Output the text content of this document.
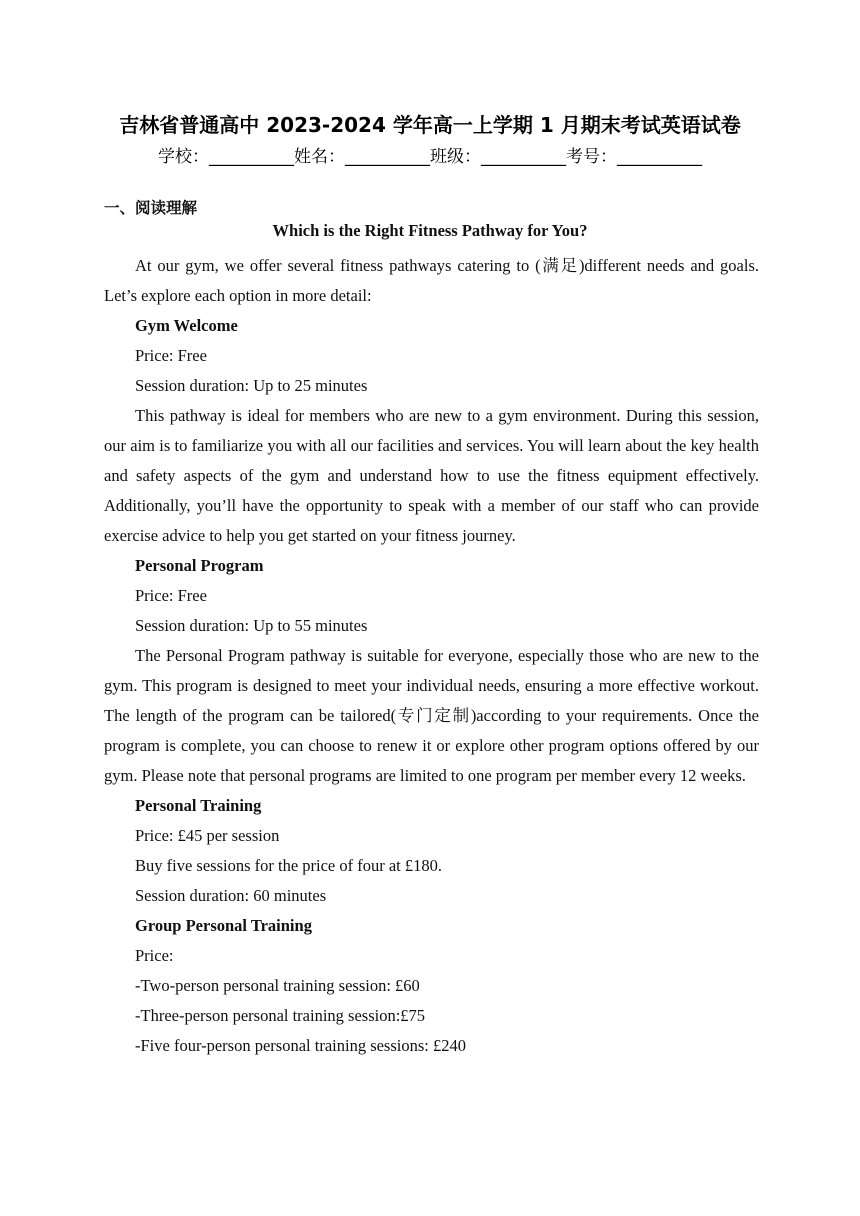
吉林省普通高中 2023-2024 学年高一上学期 1 月期末考试英语试卷
学校：__________姓名：__________班级：__________考号：__________
一、阅读理解
Which is the Right Fitness Pathway for You?

At our gym, we offer several fitness pathways catering to (满足)different needs and goals. Let’s explore each option in more detail:

Gym Welcome

Price: Free

Session duration: Up to 25 minutes

This pathway is ideal for members who are new to a gym environment. During this session, our aim is to familiarize you with all our facilities and services. You will learn about the key health and safety aspects of the gym and understand how to use the fitness equipment effectively. Additionally, you’ll have the opportunity to speak with a member of our staff who can provide exercise advice to help you get started on your fitness journey.

Personal Program

Price: Free

Session duration: Up to 55 minutes

The Personal Program pathway is suitable for everyone, especially those who are new to the gym. This program is designed to meet your individual needs, ensuring a more effective workout. The length of the program can be tailored(专门定制)according to your requirements. Once the program is complete, you can choose to renew it or explore other program options offered by our gym. Please note that personal programs are limited to one program per member every 12 weeks.

Personal Training

Price: £45 per session

Buy five sessions for the price of four at £180.

Session duration: 60 minutes

Group Personal Training

Price:

-Two-person personal training session: £60

-Three-person personal training session:£75

-Five four-person personal training sessions: £240
